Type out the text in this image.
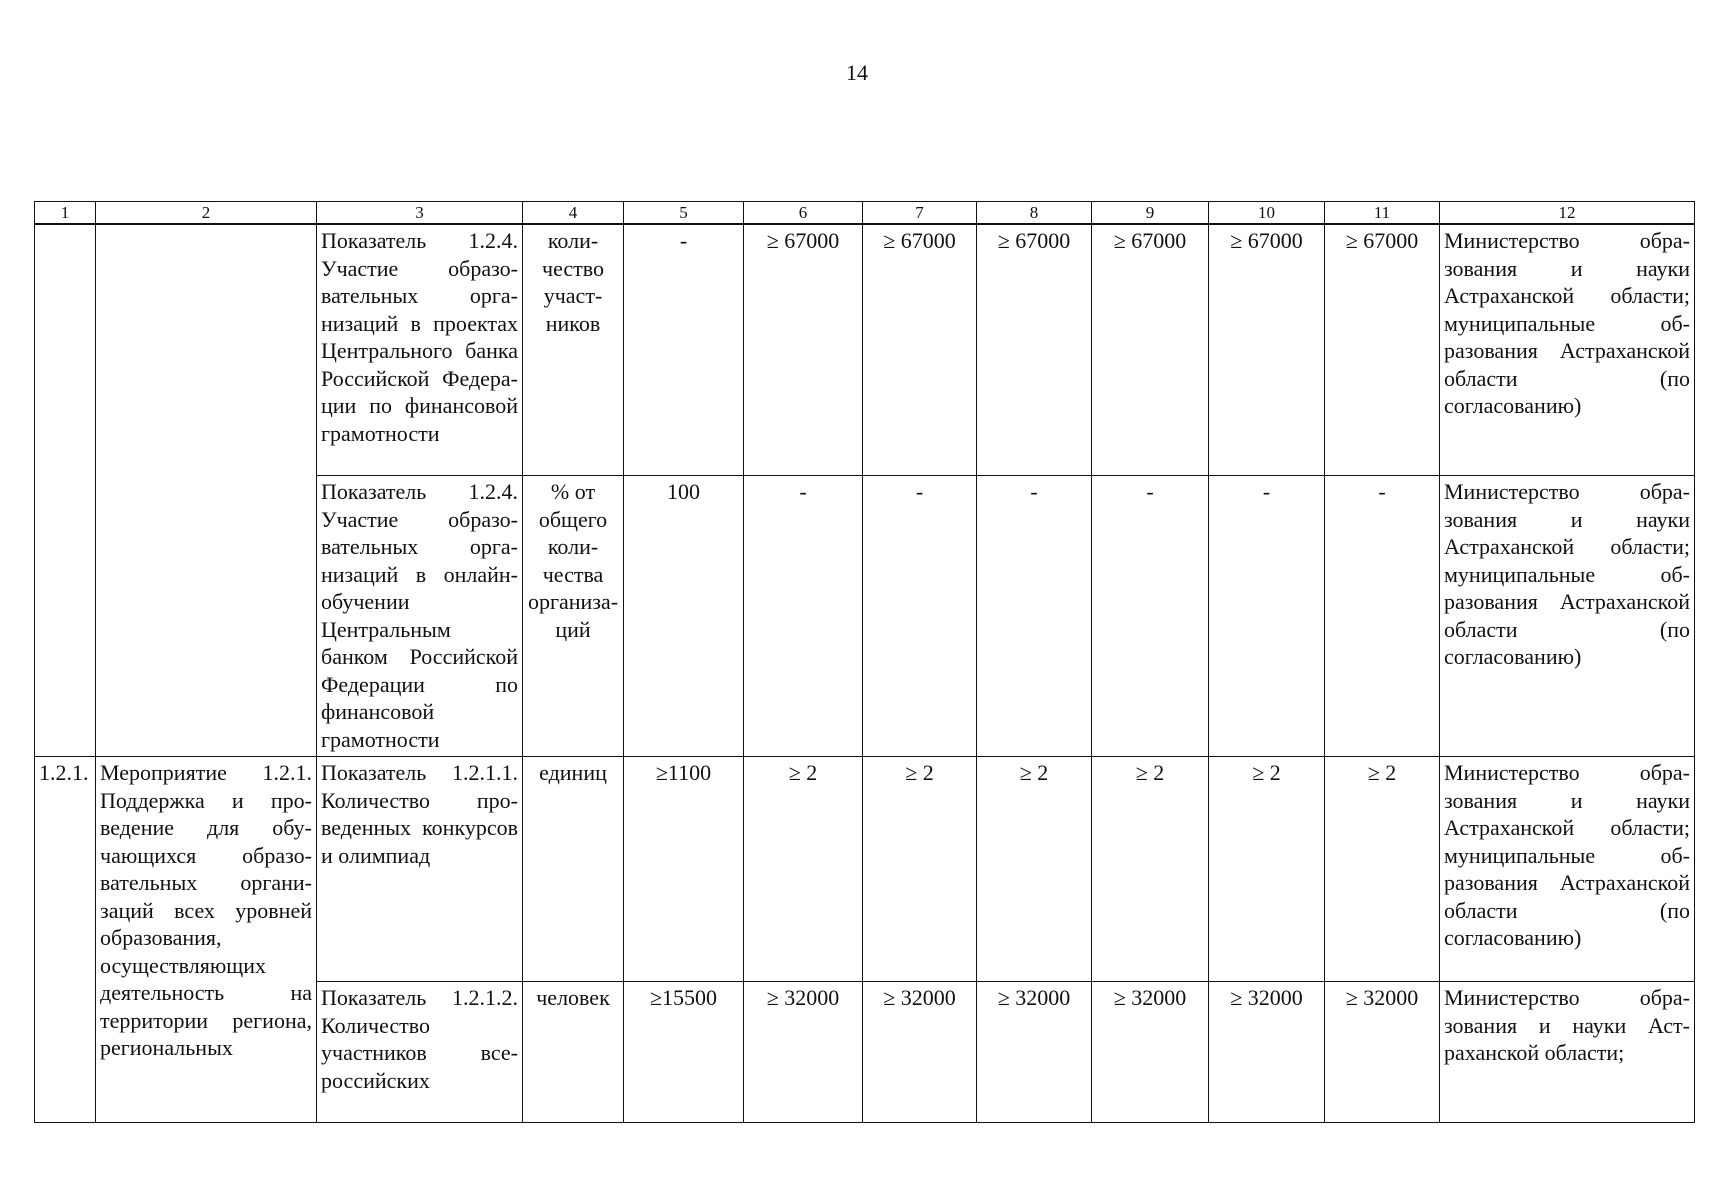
14
1	2	3	4	5	6	7	8	9	10	11	12
		Показатель 1.2.4. Участие образовательных организаций в проектах Центрального банка Российской Федерации по финансовой грамотности	количество участников	-	≥ 67000	≥ 67000	≥ 67000	≥ 67000	≥ 67000	≥ 67000	Министерство образования и науки Астраханской области; муниципальные образования Астраханской области (по согласованию)
		Показатель 1.2.4. Участие образовательных организаций в онлайн-обучении Центральным банком Российской Федерации по финансовой грамотности	% от общего количества организаций	100	-	-	-	-	-	-	Министерство образования и науки Астраханской области; муниципальные образования Астраханской области (по согласованию)
1.2.1.	Мероприятие 1.2.1. Поддержка и проведение для обучающихся образовательных организаций всех уровней образования, осуществляющих деятельность на территории региона, региональных	Показатель 1.2.1.1. Количество проведенных конкурсов и олимпиад	единиц	≥1100	≥ 2	≥ 2	≥ 2	≥ 2	≥ 2	≥ 2	Министерство образования и науки Астраханской области; муниципальные образования Астраханской области (по согласованию)
		Показатель 1.2.1.2. Количество участников всероссийских	человек	≥15500	≥ 32000	≥ 32000	≥ 32000	≥ 32000	≥ 32000	≥ 32000	Министерство образования и науки Астраханской области;
